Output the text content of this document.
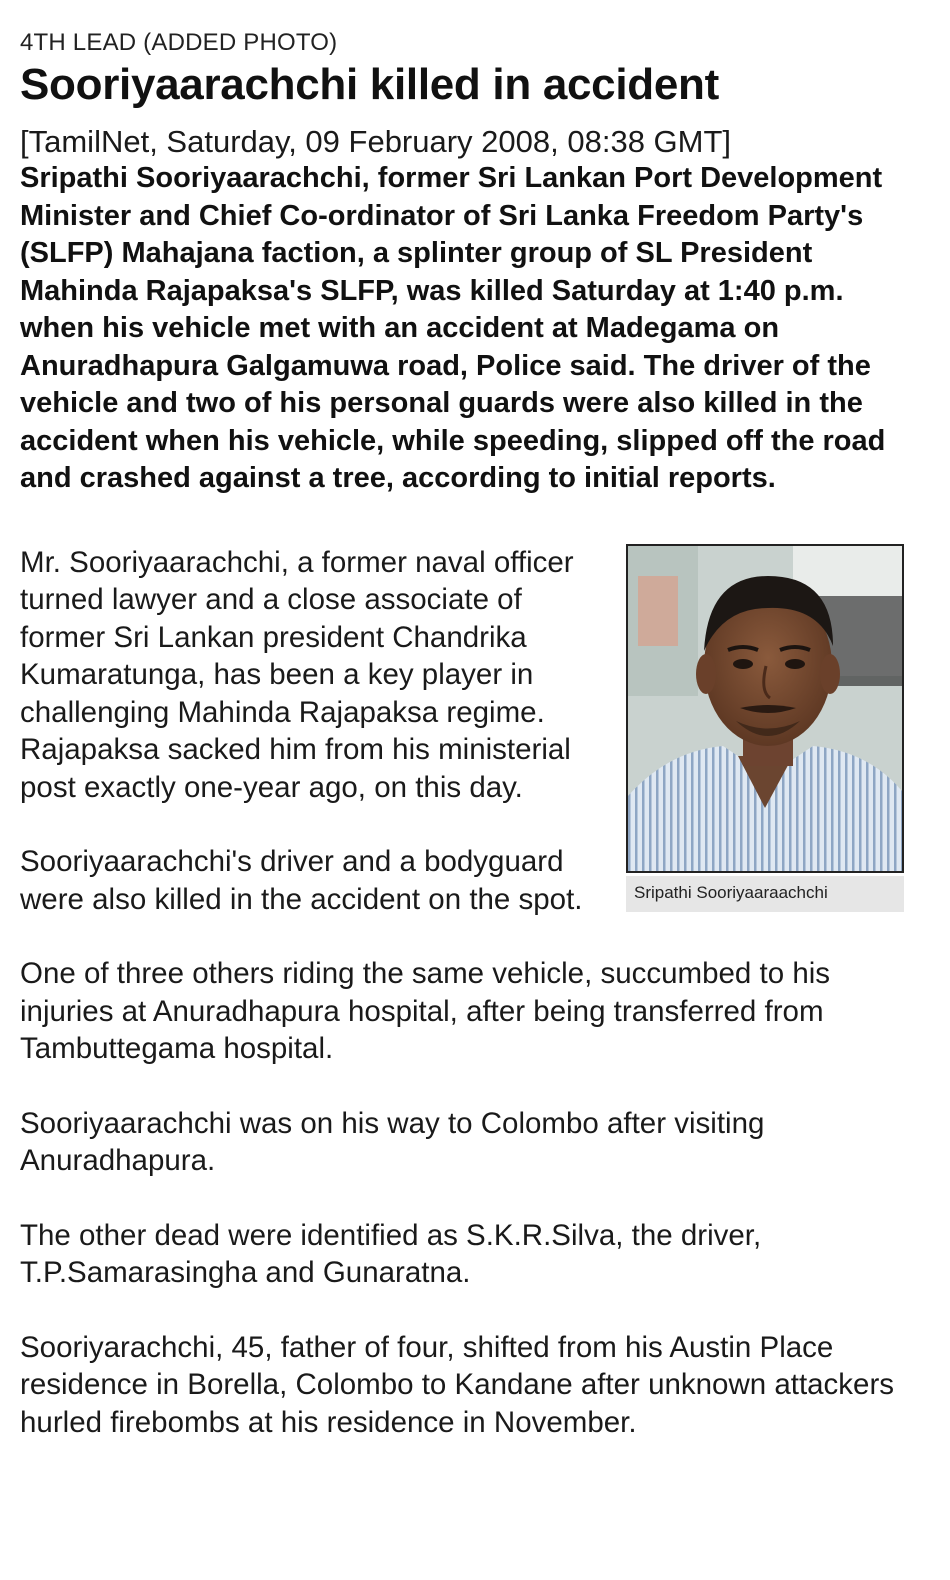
4TH LEAD (ADDED PHOTO)
Sooriyaarachchi killed in accident
[TamilNet, Saturday, 09 February 2008, 08:38 GMT]

Sripathi Sooriyaarachchi, former Sri Lankan Port Development Minister and Chief Co-ordinator of Sri Lanka Freedom Party's (SLFP) Mahajana faction, a splinter group of SL President Mahinda Rajapaksa's SLFP, was killed Saturday at 1:40 p.m. when his vehicle met with an accident at Madegama on Anuradhapura Galgamuwa road, Police said. The driver of the vehicle and two of his personal guards were also killed in the accident when his vehicle, while speeding, slipped off the road and crashed against a tree, according to initial reports.

Sripathi Sooriyaaraachchi

Mr. Sooriyaarachchi, a former naval officer turned lawyer and a close associate of former Sri Lankan president Chandrika Kumaratunga, has been a key player in challenging Mahinda Rajapaksa regime. Rajapaksa sacked him from his ministerial post exactly one-year ago, on this day.

Sooriyaarachchi's driver and a bodyguard were also killed in the accident on the spot.

One of three others riding the same vehicle, succumbed to his injuries at Anuradhapura hospital, after being transferred from Tambuttegama hospital.

Sooriyaarachchi was on his way to Colombo after visiting Anuradhapura.

The other dead were identified as S.K.R.Silva, the driver, T.P.Samarasingha and Gunaratna.

Sooriyarachchi, 45, father of four, shifted from his Austin Place residence in Borella, Colombo to Kandane after unknown attackers hurled firebombs at his residence in November.
